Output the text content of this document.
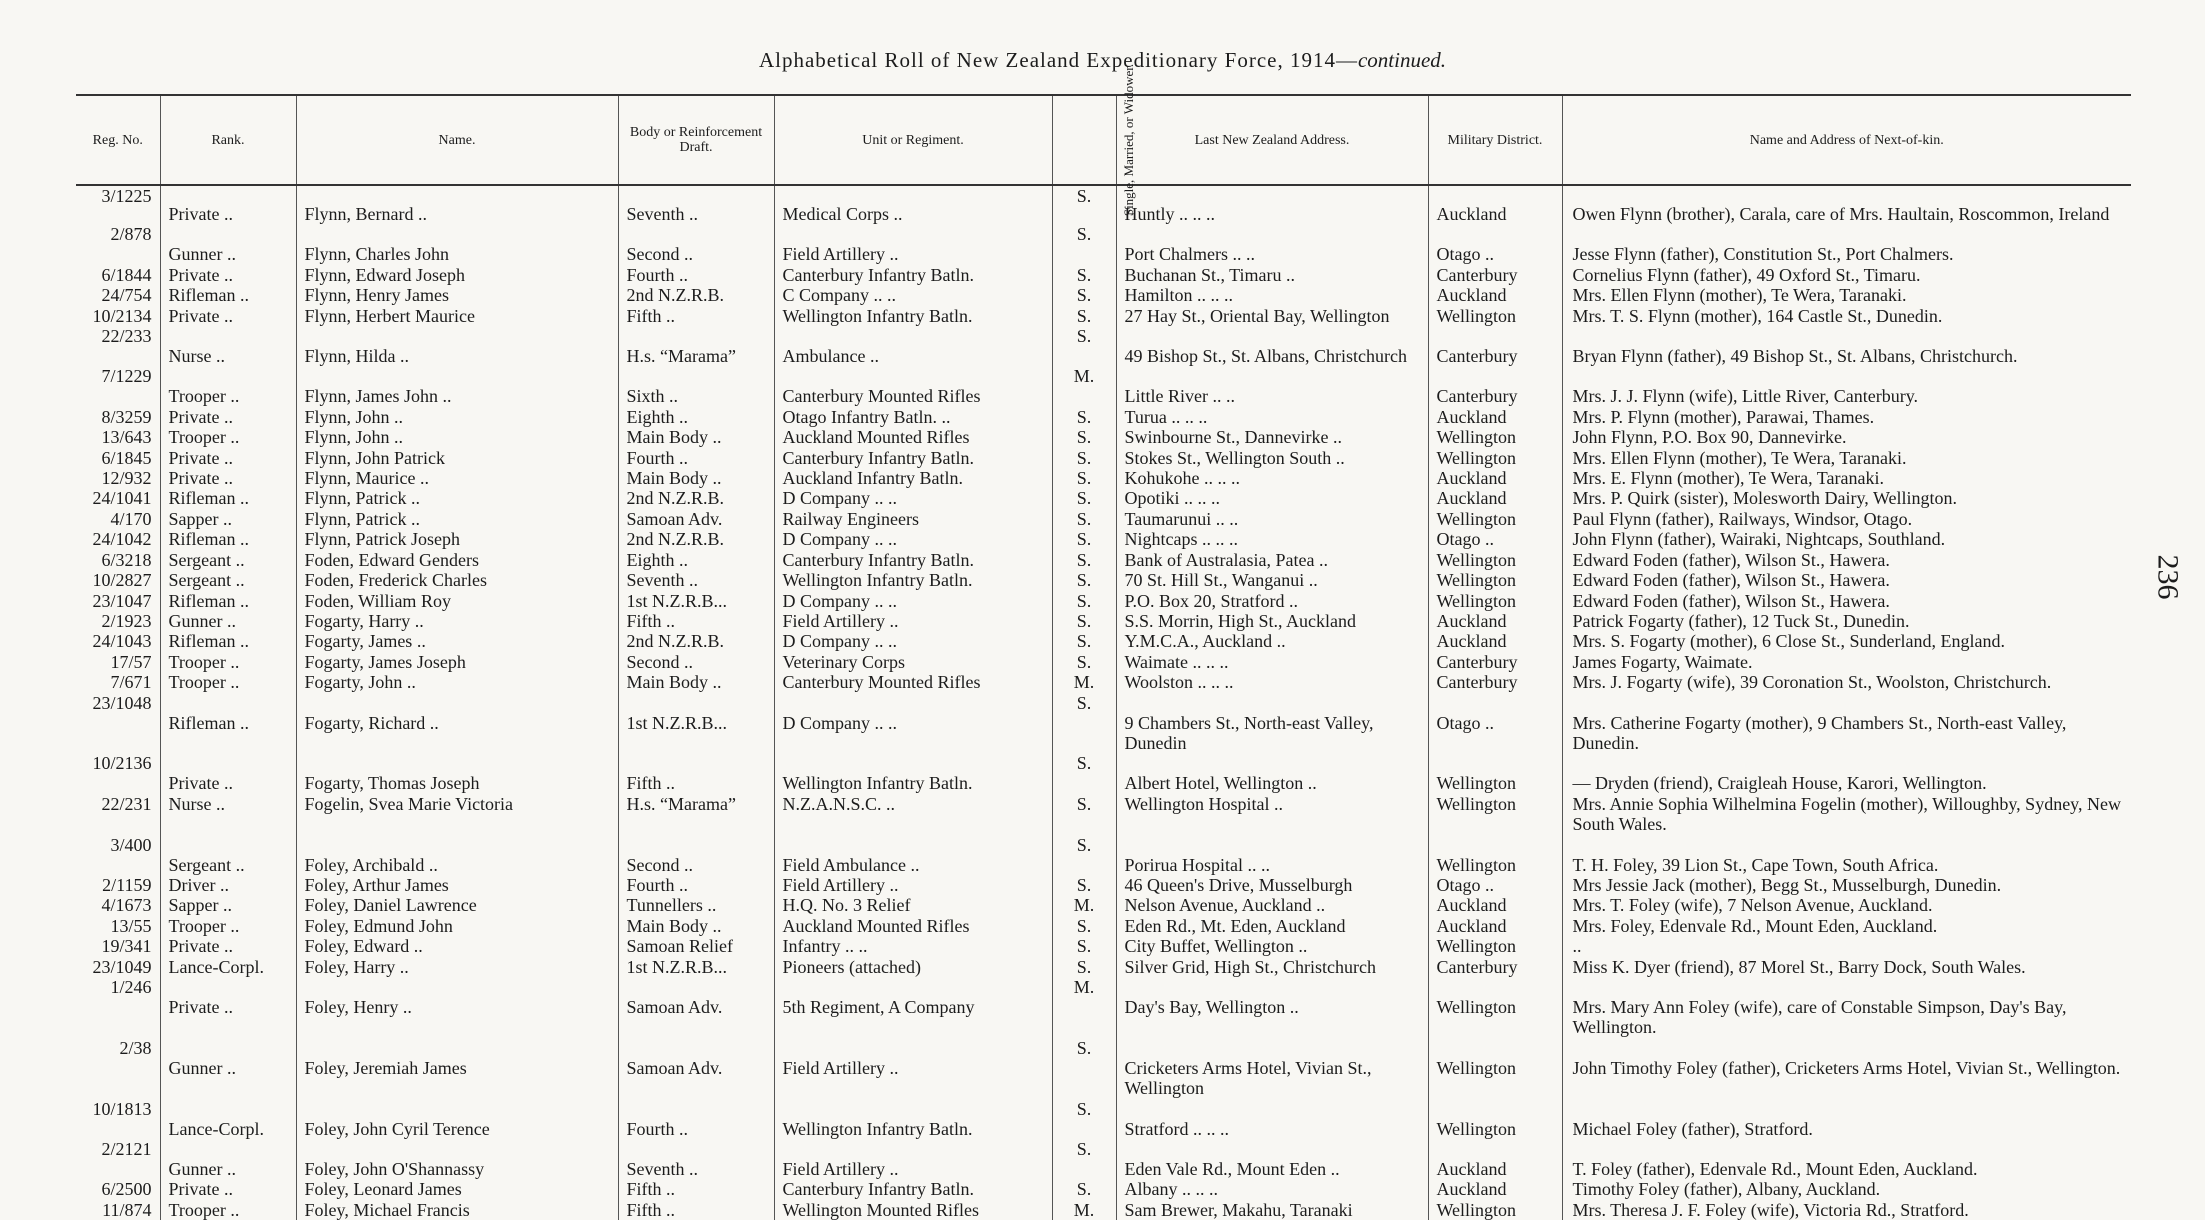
Alphabetical Roll of New Zealand Expeditionary Force, 1914—continued.
236
Reg. No.	Rank.	Name.	Body or Reinforcement Draft.	Unit or Regiment.	Single, Married, or Widower.	Last New Zealand Address.	Military District.	Name and Address of Next-of-kin.
3/1225	Private ..	Flynn, Bernard ..	Seventh ..	Medical Corps ..	S.	Huntly .. .. ..	Auckland	Owen Flynn (brother), Carala, care of Mrs. Haultain, Roscommon, Ireland
2/878	Gunner ..	Flynn, Charles John	Second ..	Field Artillery ..	S.	Port Chalmers .. ..	Otago ..	Jesse Flynn (father), Constitution St., Port Chalmers.
6/1844	Private ..	Flynn, Edward Joseph	Fourth ..	Canterbury Infantry Batln.	S.	Buchanan St., Timaru ..	Canterbury	Cornelius Flynn (father), 49 Oxford St., Timaru.
24/754	Rifleman ..	Flynn, Henry James	2nd N.Z.R.B.	C Company .. ..	S.	Hamilton .. .. ..	Auckland	Mrs. Ellen Flynn (mother), Te Wera, Taranaki.
10/2134	Private ..	Flynn, Herbert Maurice	Fifth ..	Wellington Infantry Batln.	S.	27 Hay St., Oriental Bay, Wellington	Wellington	Mrs. T. S. Flynn (mother), 164 Castle St., Dunedin.
22/233	Nurse ..	Flynn, Hilda ..	H.s. “Marama”	Ambulance ..	S.	49 Bishop St., St. Albans, Christchurch	Canterbury	Bryan Flynn (father), 49 Bishop St., St. Albans, Christchurch.
7/1229	Trooper ..	Flynn, James John ..	Sixth ..	Canterbury Mounted Rifles	M.	Little River .. ..	Canterbury	Mrs. J. J. Flynn (wife), Little River, Canterbury.
8/3259	Private ..	Flynn, John ..	Eighth ..	Otago Infantry Batln. ..	S.	Turua .. .. ..	Auckland	Mrs. P. Flynn (mother), Parawai, Thames.
13/643	Trooper ..	Flynn, John ..	Main Body ..	Auckland Mounted Rifles	S.	Swinbourne St., Dannevirke ..	Wellington	John Flynn, P.O. Box 90, Dannevirke.
6/1845	Private ..	Flynn, John Patrick	Fourth ..	Canterbury Infantry Batln.	S.	Stokes St., Wellington South ..	Wellington	Mrs. Ellen Flynn (mother), Te Wera, Taranaki.
12/932	Private ..	Flynn, Maurice ..	Main Body ..	Auckland Infantry Batln.	S.	Kohukohe .. .. ..	Auckland	Mrs. E. Flynn (mother), Te Wera, Taranaki.
24/1041	Rifleman ..	Flynn, Patrick ..	2nd N.Z.R.B.	D Company .. ..	S.	Opotiki .. .. ..	Auckland	Mrs. P. Quirk (sister), Molesworth Dairy, Wellington.
4/170	Sapper ..	Flynn, Patrick ..	Samoan Adv.	Railway Engineers	S.	Taumarunui .. ..	Wellington	Paul Flynn (father), Railways, Windsor, Otago.
24/1042	Rifleman ..	Flynn, Patrick Joseph	2nd N.Z.R.B.	D Company .. ..	S.	Nightcaps .. .. ..	Otago ..	John Flynn (father), Wairaki, Nightcaps, Southland.
6/3218	Sergeant ..	Foden, Edward Genders	Eighth ..	Canterbury Infantry Batln.	S.	Bank of Australasia, Patea ..	Wellington	Edward Foden (father), Wilson St., Hawera.
10/2827	Sergeant ..	Foden, Frederick Charles	Seventh ..	Wellington Infantry Batln.	S.	70 St. Hill St., Wanganui ..	Wellington	Edward Foden (father), Wilson St., Hawera.
23/1047	Rifleman ..	Foden, William Roy	1st N.Z.R.B...	D Company .. ..	S.	P.O. Box 20, Stratford ..	Wellington	Edward Foden (father), Wilson St., Hawera.
2/1923	Gunner ..	Fogarty, Harry ..	Fifth ..	Field Artillery ..	S.	S.S. Morrin, High St., Auckland	Auckland	Patrick Fogarty (father), 12 Tuck St., Dunedin.
24/1043	Rifleman ..	Fogarty, James ..	2nd N.Z.R.B.	D Company .. ..	S.	Y.M.C.A., Auckland ..	Auckland	Mrs. S. Fogarty (mother), 6 Close St., Sunderland, England.
17/57	Trooper ..	Fogarty, James Joseph	Second ..	Veterinary Corps	S.	Waimate .. .. ..	Canterbury	James Fogarty, Waimate.
7/671	Trooper ..	Fogarty, John ..	Main Body ..	Canterbury Mounted Rifles	M.	Woolston .. .. ..	Canterbury	Mrs. J. Fogarty (wife), 39 Coronation St., Woolston, Christchurch.
23/1048	Rifleman ..	Fogarty, Richard ..	1st N.Z.R.B...	D Company .. ..	S.	9 Chambers St., North-east Valley, Dunedin	Otago ..	Mrs. Catherine Fogarty (mother), 9 Chambers St., North-east Valley, Dunedin.
10/2136	Private ..	Fogarty, Thomas Joseph	Fifth ..	Wellington Infantry Batln.	S.	Albert Hotel, Wellington ..	Wellington	— Dryden (friend), Craigleah House, Karori, Wellington.
22/231	Nurse ..	Fogelin, Svea Marie Victoria	H.s. “Marama”	N.Z.A.N.S.C. ..	S.	Wellington Hospital ..	Wellington	Mrs. Annie Sophia Wilhelmina Fogelin (mother), Willoughby, Sydney, New South Wales.
3/400	Sergeant ..	Foley, Archibald ..	Second ..	Field Ambulance ..	S.	Porirua Hospital .. ..	Wellington	T. H. Foley, 39 Lion St., Cape Town, South Africa.
2/1159	Driver ..	Foley, Arthur James	Fourth ..	Field Artillery ..	S.	46 Queen's Drive, Musselburgh	Otago ..	Mrs Jessie Jack (mother), Begg St., Musselburgh, Dunedin.
4/1673	Sapper ..	Foley, Daniel Lawrence	Tunnellers ..	H.Q. No. 3 Relief	M.	Nelson Avenue, Auckland ..	Auckland	Mrs. T. Foley (wife), 7 Nelson Avenue, Auckland.
13/55	Trooper ..	Foley, Edmund John	Main Body ..	Auckland Mounted Rifles	S.	Eden Rd., Mt. Eden, Auckland	Auckland	Mrs. Foley, Edenvale Rd., Mount Eden, Auckland.
19/341	Private ..	Foley, Edward ..	Samoan Relief	Infantry .. ..	S.	City Buffet, Wellington ..	Wellington	..
23/1049	Lance-Corpl.	Foley, Harry ..	1st N.Z.R.B...	Pioneers (attached)	S.	Silver Grid, High St., Christchurch	Canterbury	Miss K. Dyer (friend), 87 Morel St., Barry Dock, South Wales.
1/246	Private ..	Foley, Henry ..	Samoan Adv.	5th Regiment, A Company	M.	Day's Bay, Wellington ..	Wellington	Mrs. Mary Ann Foley (wife), care of Constable Simpson, Day's Bay, Wellington.
2/38	Gunner ..	Foley, Jeremiah James	Samoan Adv.	Field Artillery ..	S.	Cricketers Arms Hotel, Vivian St., Wellington	Wellington	John Timothy Foley (father), Cricketers Arms Hotel, Vivian St., Wellington.
10/1813	Lance-Corpl.	Foley, John Cyril Terence	Fourth ..	Wellington Infantry Batln.	S.	Stratford .. .. ..	Wellington	Michael Foley (father), Stratford.
2/2121	Gunner ..	Foley, John O'Shannassy	Seventh ..	Field Artillery ..	S.	Eden Vale Rd., Mount Eden ..	Auckland	T. Foley (father), Edenvale Rd., Mount Eden, Auckland.
6/2500	Private ..	Foley, Leonard James	Fifth ..	Canterbury Infantry Batln.	S.	Albany .. .. ..	Auckland	Timothy Foley (father), Albany, Auckland.
11/874	Trooper ..	Foley, Michael Francis	Fifth ..	Wellington Mounted Rifles	M.	Sam Brewer, Makahu, Taranaki	Wellington	Mrs. Theresa J. F. Foley (wife), Victoria Rd., Stratford.
